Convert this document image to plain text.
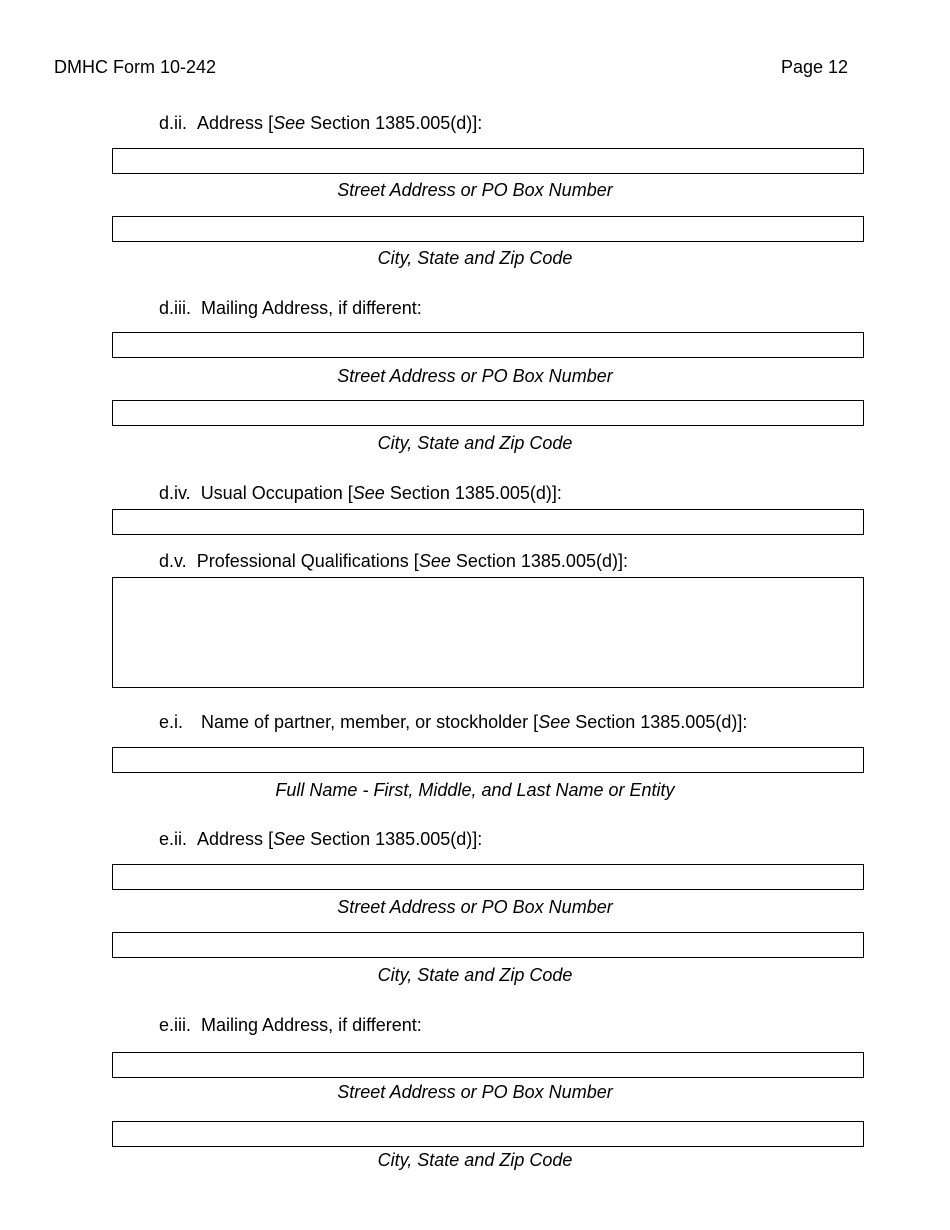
DMHC Form 10-242	Page 12
d.ii. Address [See Section 1385.005(d)]:
Street Address or PO Box Number
City, State and Zip Code
d.iii. Mailing Address, if different:
Street Address or PO Box Number
City, State and Zip Code
d.iv. Usual Occupation [See Section 1385.005(d)]:
d.v. Professional Qualifications [See Section 1385.005(d)]:
e.i. Name of partner, member, or stockholder [See Section 1385.005(d)]:
Full Name - First, Middle, and Last Name or Entity
e.ii. Address [See Section 1385.005(d)]:
Street Address or PO Box Number
City, State and Zip Code
e.iii. Mailing Address, if different:
Street Address or PO Box Number
City, State and Zip Code
